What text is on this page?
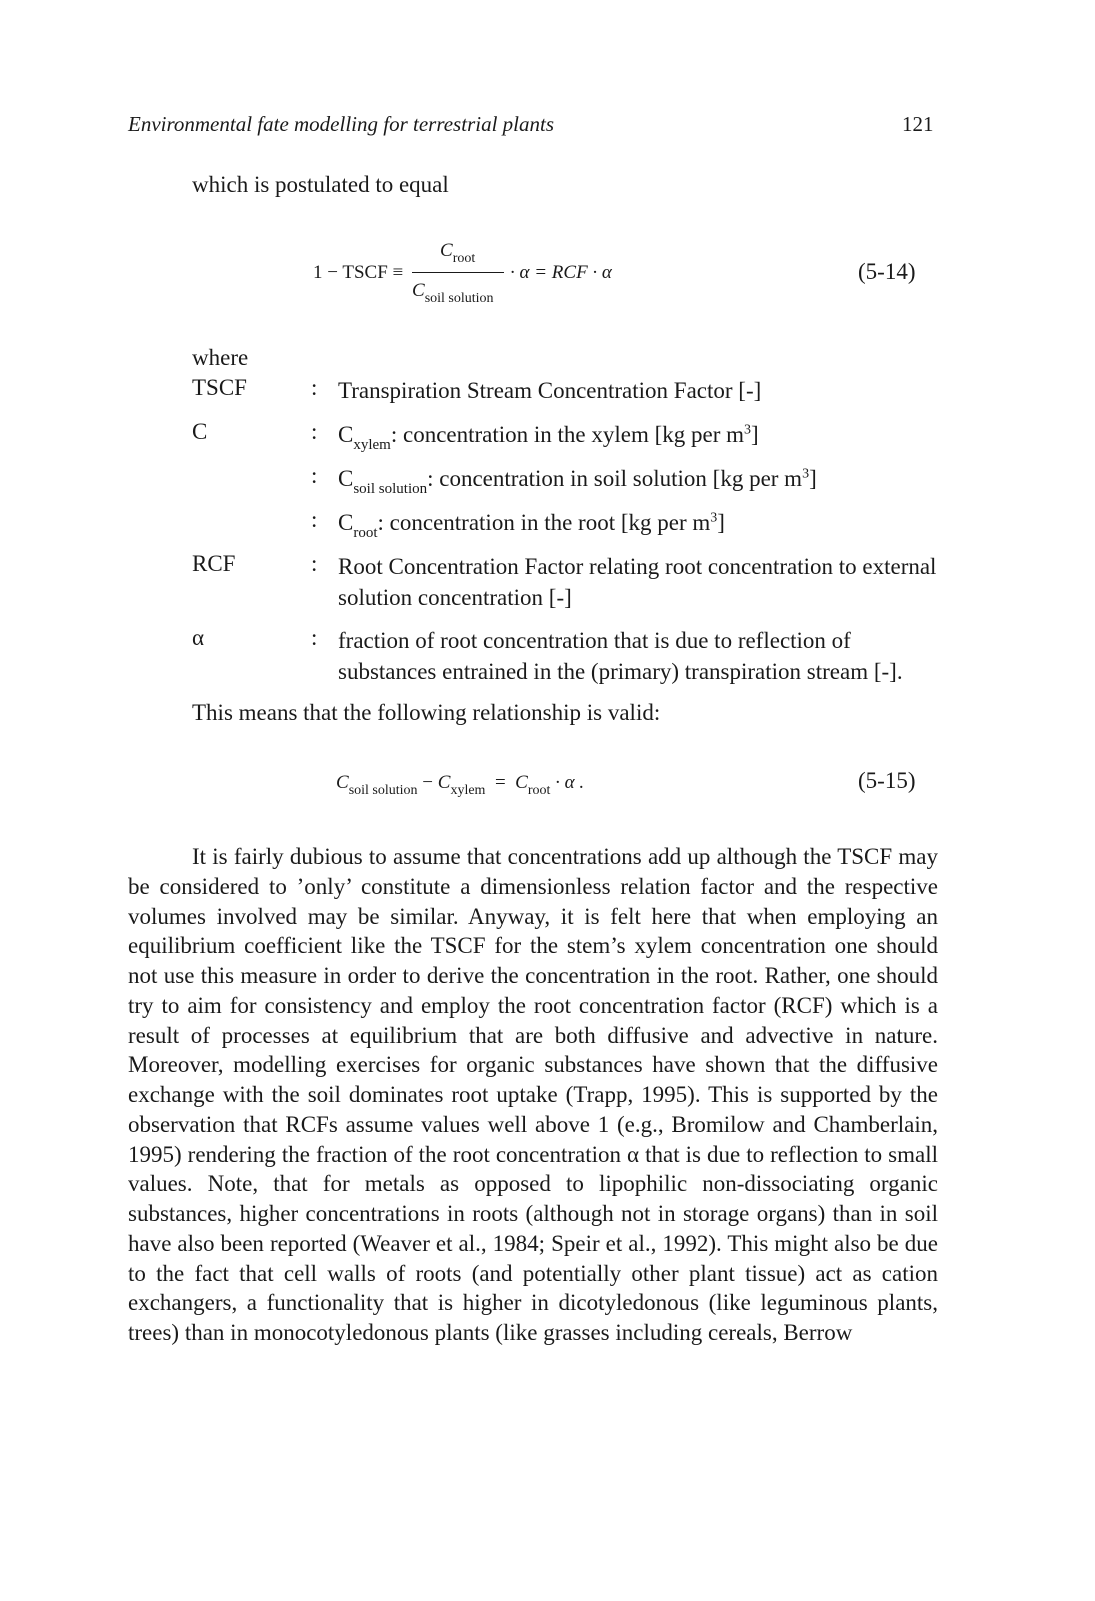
Environmental fate modelling for terrestrial plants	121
which is postulated to equal
1 − TSCF ≡
$C_{root}$
$C_{soil solution}$
· α = RCF · α	(5-14)
where
TSCF	: Transpiration Stream Concentration Factor [-]
C	: $C_{xylem}$: concentration in the xylem [kg per $m^3$]
: $C_{soil solution}$: concentration in soil solution [kg per $m^3$]
: $C_{root}$: concentration in the root [kg per $m^3$]
RCF	: Root Concentration Factor relating root concentration to external solution concentration [-]
α	: fraction of root concentration that is due to reflection of substances entrained in the (primary) transpiration stream [-].
This means that the following relationship is valid:
$C_{soil solution} - C_{xylem} = C_{root} \cdot \alpha$ .	(5-15)
It is fairly dubious to assume that concentrations add up although the TSCF may be considered to ’only’ constitute a dimensionless relation factor and the respective volumes involved may be similar. Anyway, it is felt here that when employing an equilibrium coefficient like the TSCF for the stem’s xylem concentration one should not use this measure in order to derive the concentration in the root. Rather, one should try to aim for consistency and employ the root concentration factor (RCF) which is a result of processes at equilibrium that are both diffusive and advective in nature. Moreover, modelling exercises for organic substances have shown that the diffusive exchange with the soil dominates root uptake (Trapp, 1995). This is supported by the observation that RCFs assume values well above 1 (e.g., Bromilow and Chamberlain, 1995) rendering the fraction of the root concentration α that is due to reflection to small values. Note, that for metals as opposed to lipophilic non-dissociating organic substances, higher concentrations in roots (although not in storage organs) than in soil have also been reported (Weaver et al., 1984; Speir et al., 1992). This might also be due to the fact that cell walls of roots (and potentially other plant tissue) act as cation exchangers, a functionality that is higher in dicotyledonous (like leguminous plants, trees) than in monocotyledonous plants (like grasses including cereals, Berrow
